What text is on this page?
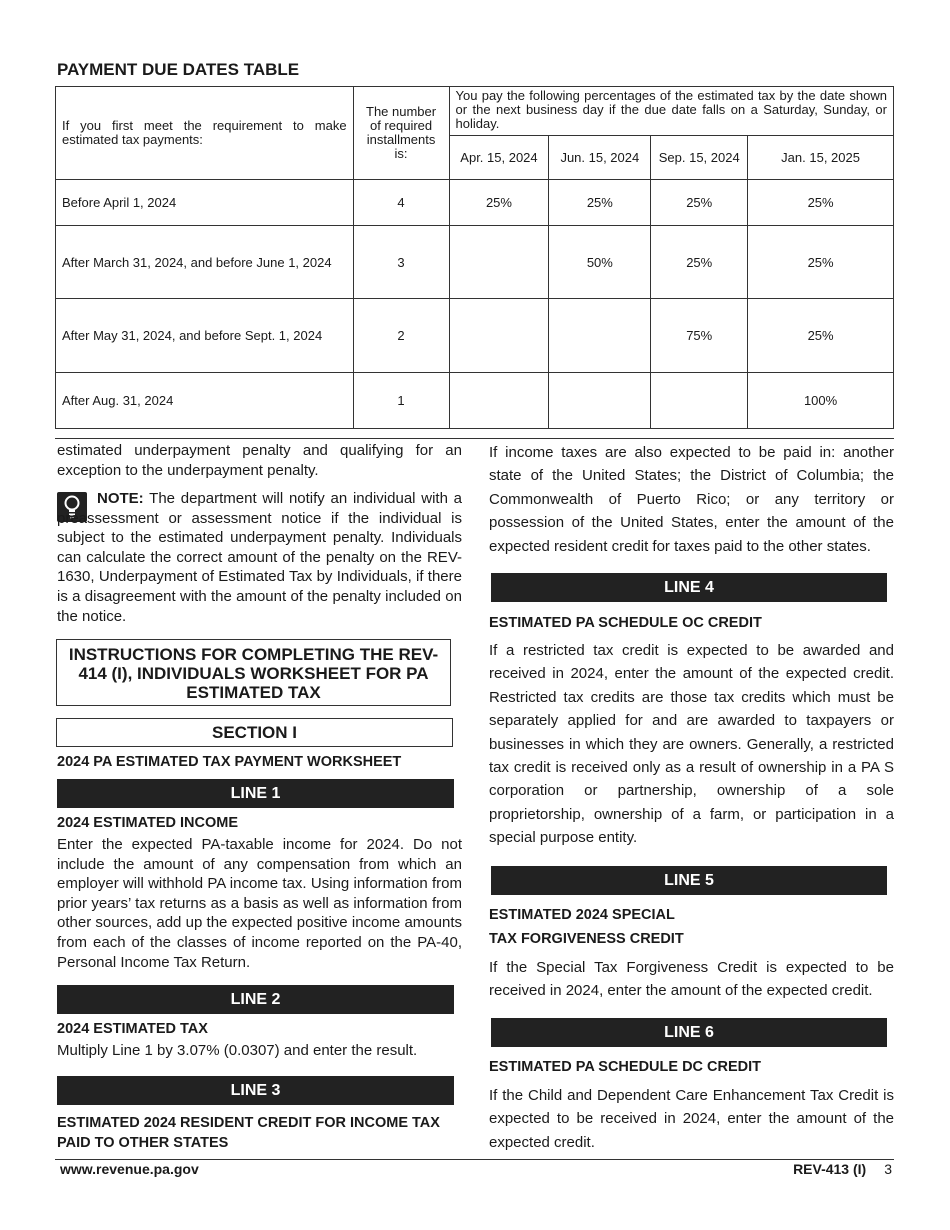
PAYMENT DUE DATES TABLE
If you first meet the requirement to make estimated tax payments:	The number of required installments is:	You pay the following percentages of the estimated tax by the date shown or the next business day if the due date falls on a Saturday, Sunday, or holiday.			
		Apr. 15, 2024	Jun. 15, 2024	Sep. 15, 2024	Jan. 15, 2025
Before April 1, 2024	4	25%	25%	25%	25%
After March 31, 2024, and before June 1, 2024	3		50%	25%	25%
After May 31, 2024, and before Sept. 1, 2024	2			75%	25%
After Aug. 31, 2024	1				100%
estimated underpayment penalty and qualifying for an exception to the underpayment penalty.
NOTE: The department will notify an individual with a preassessment or assessment notice if the individual is subject to the estimated underpayment penalty. Individuals can calculate the correct amount of the penalty on the REV-1630, Underpayment of Estimated Tax by Individuals, if there is a disagreement with the amount of the penalty included on the notice.
INSTRUCTIONS FOR COMPLETING THE REV-414 (I), INDIVIDUALS WORKSHEET FOR PA ESTIMATED TAX
SECTION I
2024 PA ESTIMATED TAX PAYMENT WORKSHEET
LINE 1
2024 ESTIMATED INCOME
Enter the expected PA-taxable income for 2024. Do not include the amount of any compensation from which an employer will withhold PA income tax. Using information from prior years’ tax returns as a basis as well as information from other sources, add up the expected positive income amounts from each of the classes of income reported on the PA-40, Personal Income Tax Return.
LINE 2
2024 ESTIMATED TAX
Multiply Line 1 by 3.07% (0.0307) and enter the result.
LINE 3
ESTIMATED 2024 RESIDENT CREDIT FOR INCOME TAX PAID TO OTHER STATES
If income taxes are also expected to be paid in: another state of the United States; the District of Columbia; the Commonwealth of Puerto Rico; or any territory or possession of the United States, enter the amount of the expected resident credit for taxes paid to the other states.
LINE 4
ESTIMATED PA SCHEDULE OC CREDIT
If a restricted tax credit is expected to be awarded and received in 2024, enter the amount of the expected credit. Restricted tax credits are those tax credits which must be separately applied for and are awarded to taxpayers or businesses in which they are owners. Generally, a restricted tax credit is received only as a result of ownership in a PA S corporation or partnership, ownership of a sole proprietorship, ownership of a farm, or participation in a special purpose entity.
LINE 5
ESTIMATED 2024 SPECIAL
TAX FORGIVENESS CREDIT
If the Special Tax Forgiveness Credit is expected to be received in 2024, enter the amount of the expected credit.
LINE 6
ESTIMATED PA SCHEDULE DC CREDIT
If the Child and Dependent Care Enhancement Tax Credit is expected to be received in 2024, enter the amount of the expected credit.
www.revenue.pa.gov	REV-413 (I) 3
